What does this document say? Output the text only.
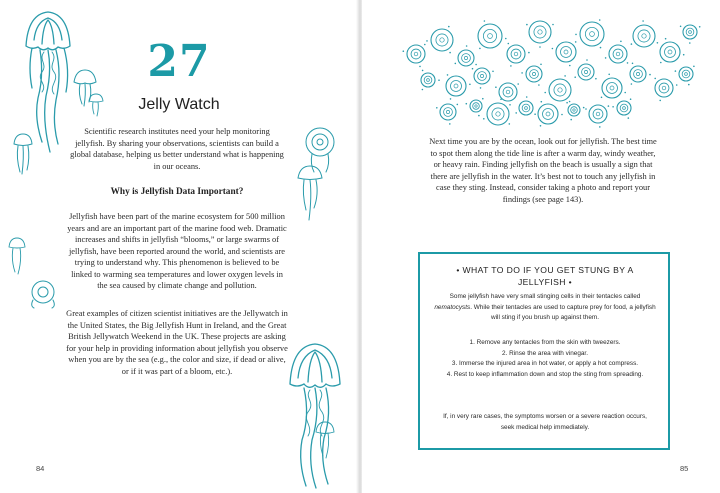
27
Jelly Watch
Scientific research institutes need your help monitoring jellyfish. By sharing your observations, scientists can build a global database, helping us better understand what is happening in our oceans.
Why is Jellyfish Data Important?
Jellyfish have been part of the marine ecosystem for 500 million years and are an important part of the marine food web. Dramatic increases and shifts in jellyfish “blooms,” or large swarms of jellyfish, have been reported around the world, and scientists are trying to understand why. This phenomenon is believed to be linked to warming sea temperatures and lower oxygen levels in the sea caused by climate change and pollution.
Great examples of citizen scientist initiatives are the Jellywatch in the United States, the Big Jellyfish Hunt in Ireland, and the Great British Jellywatch Weekend in the UK. These projects are asking for your help in providing information about jellyfish you observe when you are by the sea (e.g., the color and size, if dead or alive, or if it was part of a bloom, etc.).
84
Next time you are by the ocean, look out for jellyfish. The best time to spot them along the tide line is after a warm day, windy weather, or heavy rain. Finding jellyfish on the beach is usually a sign that there are jellyfish in the water. It’s best not to touch any jellyfish in case they sting. Instead, consider taking a photo and report your findings (see page 143).
• WHAT TO DO IF YOU GET STUNG BY A JELLYFISH •
Some jellyfish have very small stinging cells in their tentacles called nematocysts. While their tentacles are used to capture prey for food, a jellyfish will sting if you brush up against them.
1. Remove any tentacles from the skin with tweezers.
2. Rinse the area with vinegar.
3. Immerse the injured area in hot water, or apply a hot compress.
4. Rest to keep inflammation down and stop the sting from spreading.
If, in very rare cases, the symptoms worsen or a severe reaction occurs, seek medical help immediately.
85
